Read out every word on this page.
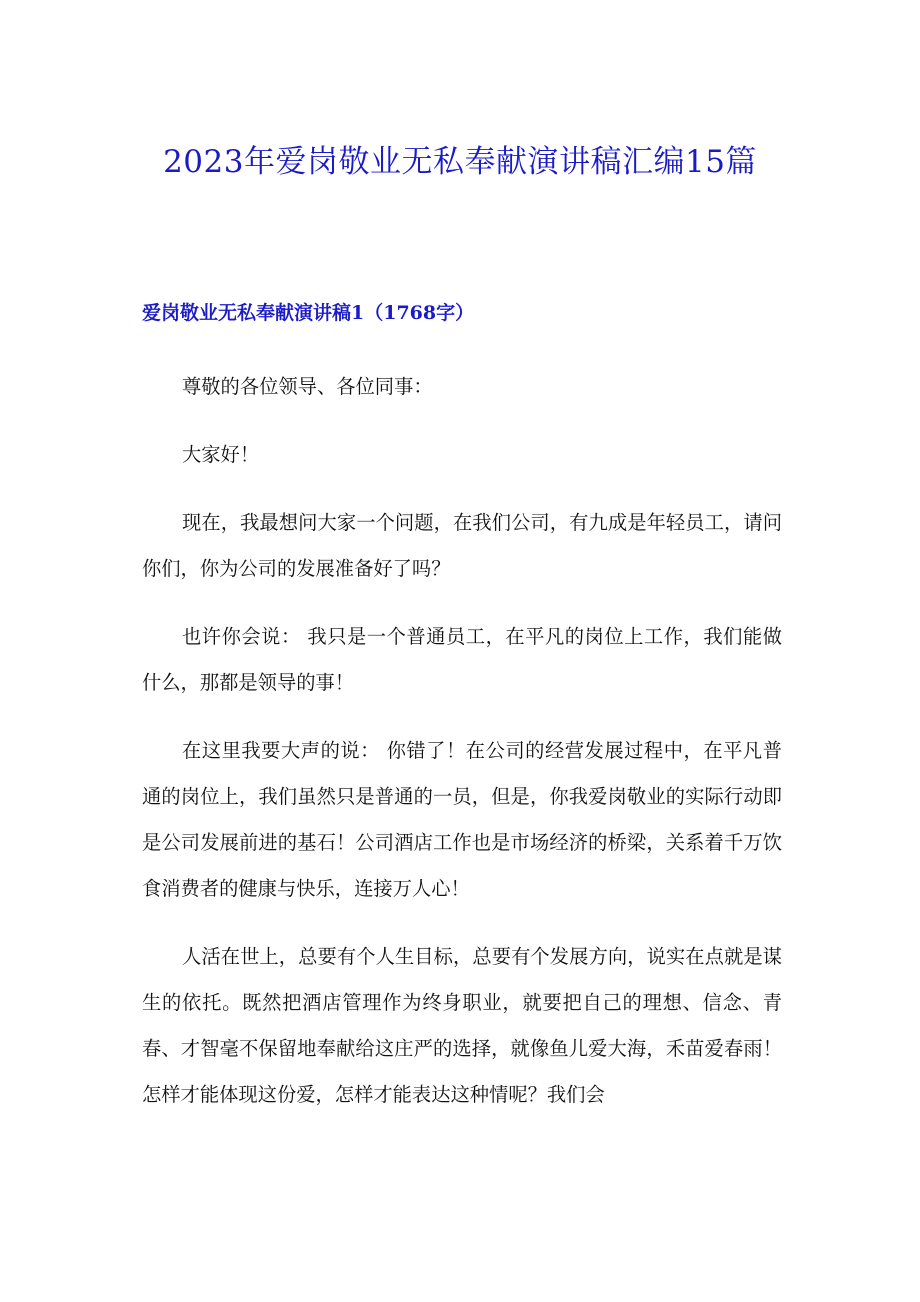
2023年爱岗敬业无私奉献演讲稿汇编15篇
爱岗敬业无私奉献演讲稿1（1768字）

尊敬的各位领导、各位同事：

大家好！

现在，我最想问大家一个问题，在我们公司，有九成是年轻员工，请问你们，你为公司的发展准备好了吗？

也许你会说： 我只是一个普通员工，在平凡的岗位上工作，我们能做什么，那都是领导的事！

在这里我要大声的说： 你错了！在公司的经营发展过程中，在平凡普通的岗位上，我们虽然只是普通的一员，但是，你我爱岗敬业的实际行动即是公司发展前进的基石！公司酒店工作也是市场经济的桥梁，关系着千万饮食消费者的健康与快乐，连接万人心！

人活在世上，总要有个人生目标，总要有个发展方向，说实在点就是谋生的依托。既然把酒店管理作为终身职业，就要把自己的理想、信念、青春、才智毫不保留地奉献给这庄严的选择，就像鱼儿爱大海，禾苗爱春雨！怎样才能体现这份爱，怎样才能表达这种情呢？我们会
